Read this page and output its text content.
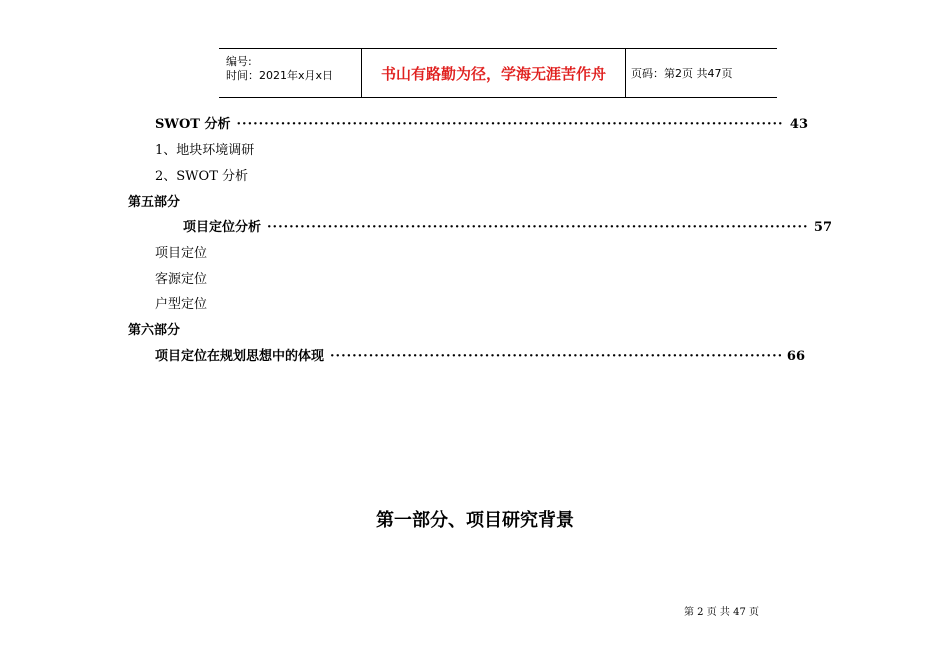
编号:
时间：2021年x月x日	书山有路勤为径，学海无涯苦作舟	页码：第2页 共47页
SWOT 分析 ·····	43
1、地块环境调研
2、SWOT 分析
第五部分
项目定位分析 ·····	57
项目定位
客源定位
户型定位
第六部分
项目定位在规划思想中的体现 ·····	66
第一部分、项目研究背景
第 2 页 共 47 页
